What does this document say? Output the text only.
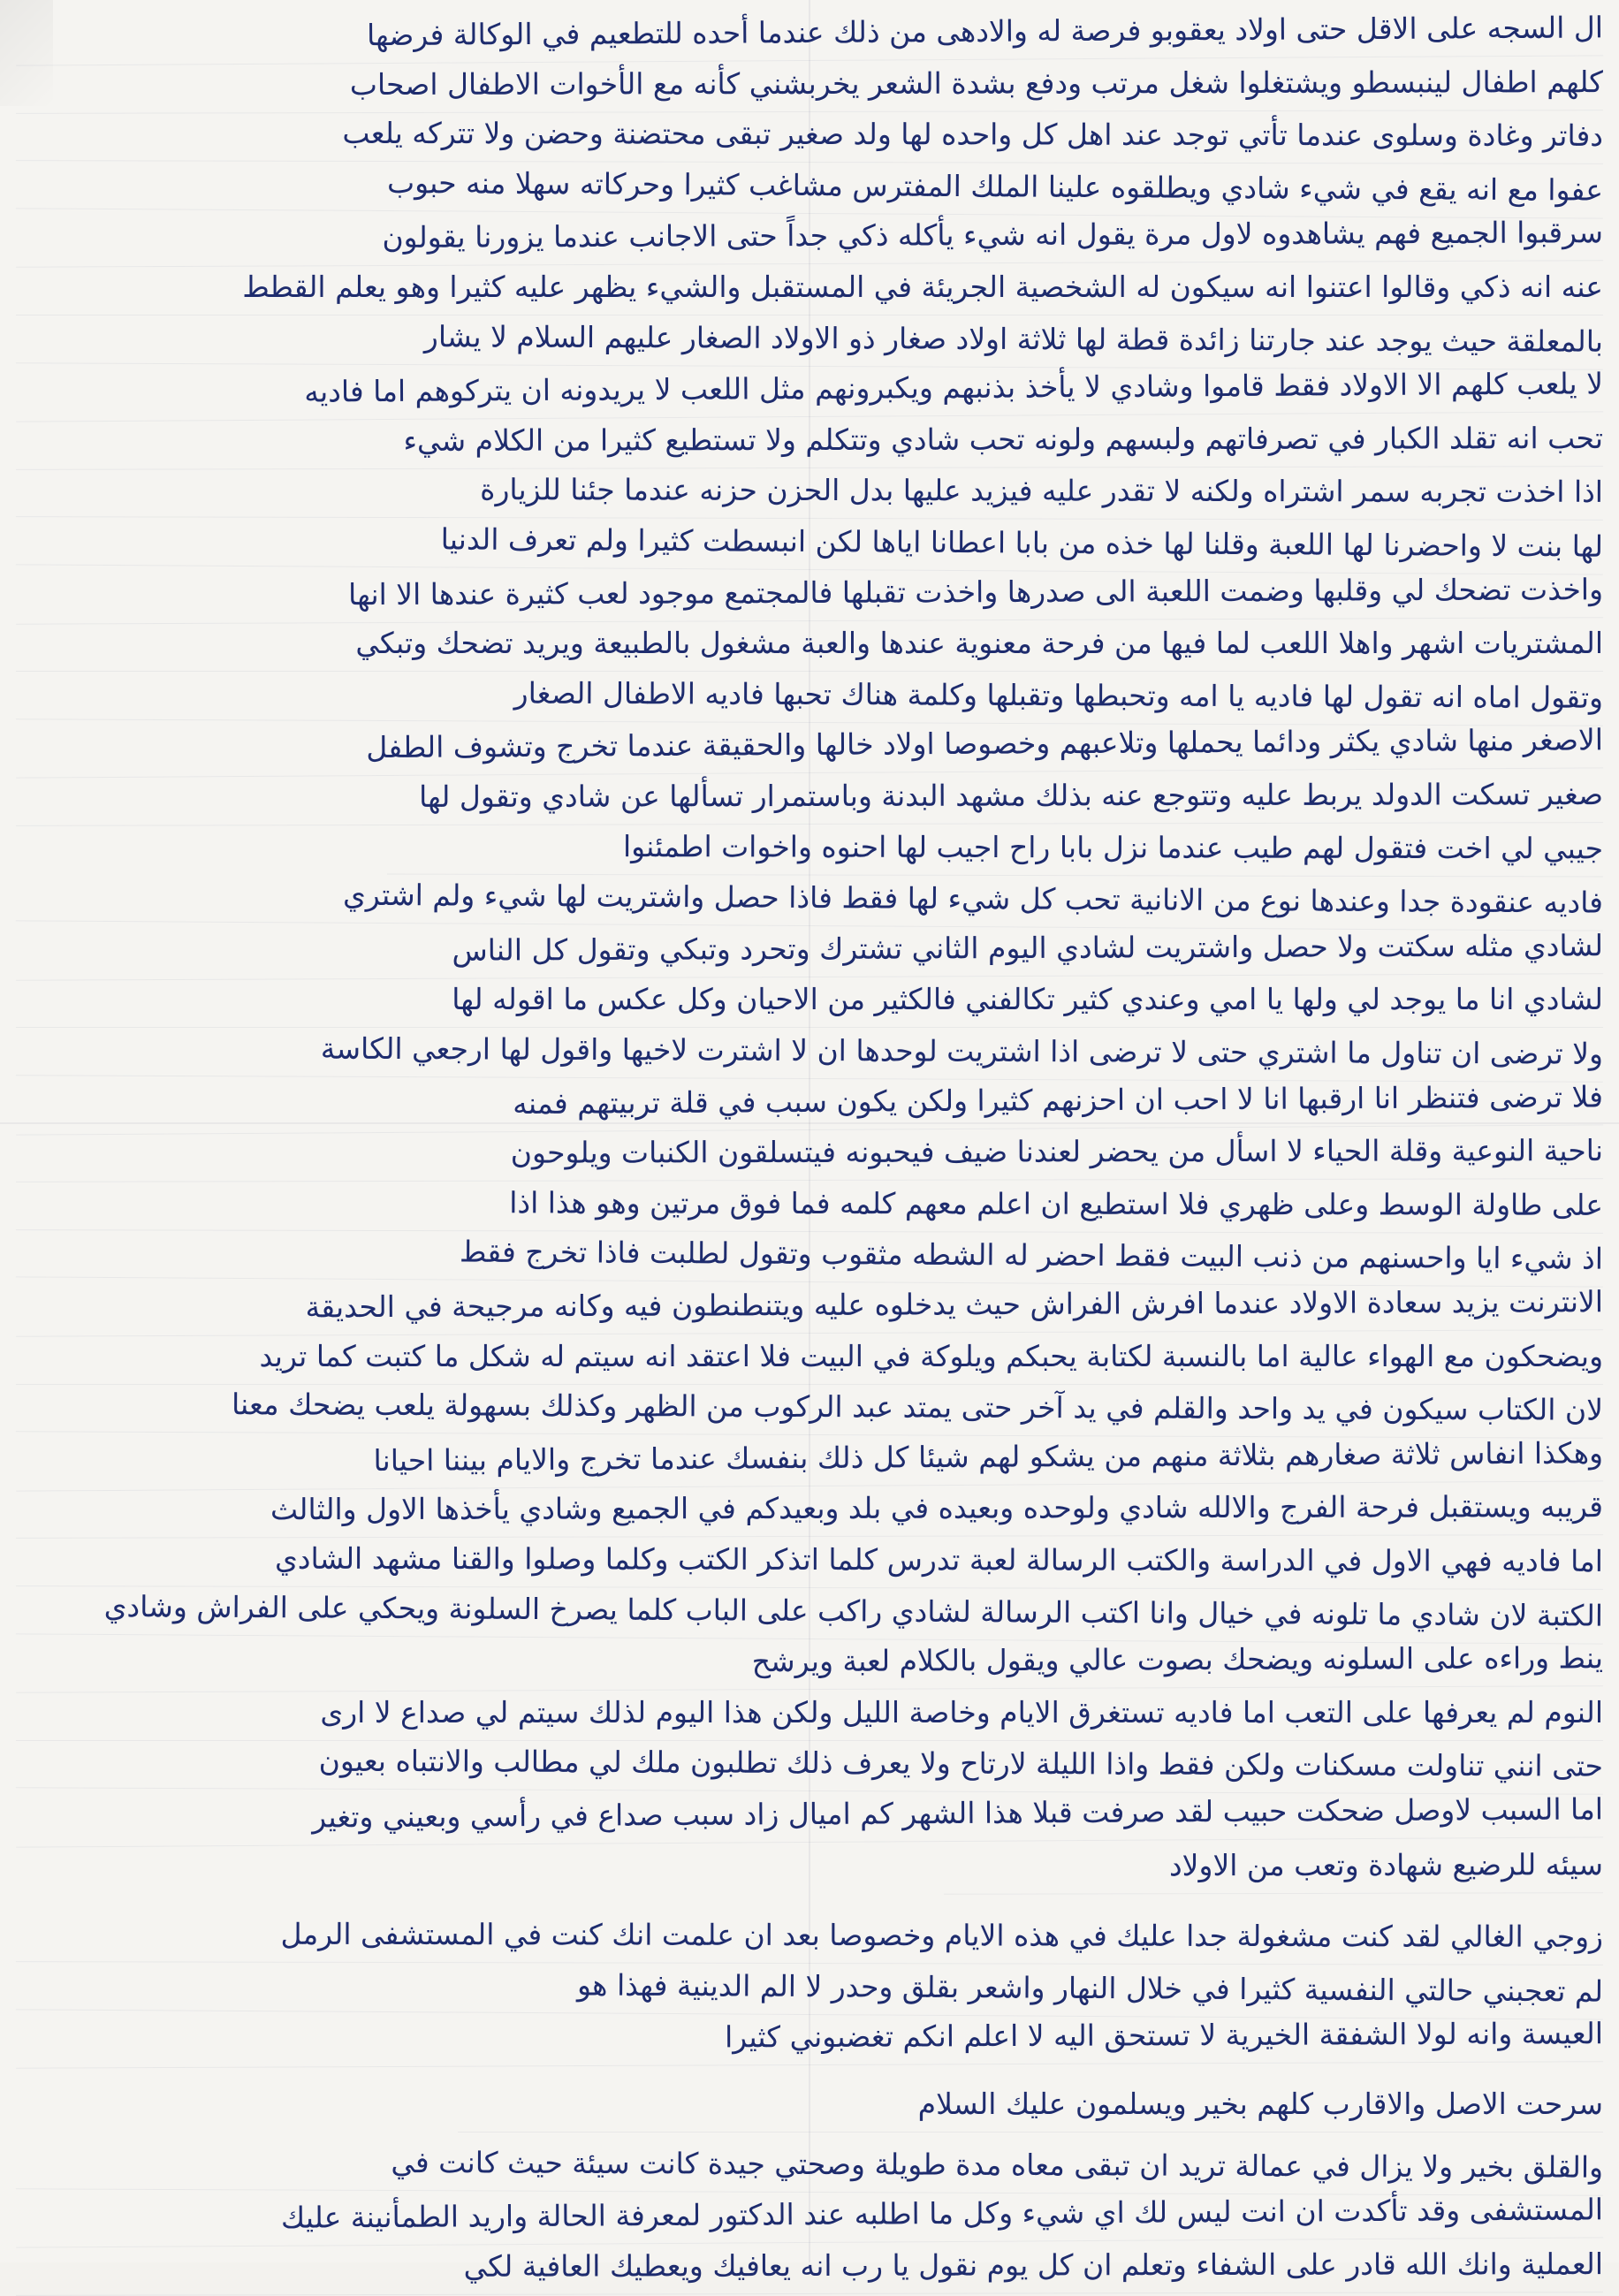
ال السجه على الاقل حتى اولاد يعقوبو فرصة له والادهى من ذلك عندما أحده للتطعيم في الوكالة فرضها
كلهم اطفال لينبسطو ويشتغلوا شغل مرتب ودفع بشدة الشعر يخربشني كأنه مع الأخوات الاطفال اصحاب
دفاتر وغادة وسلوى عندما تأتي توجد عند اهل كل واحده لها ولد صغير تبقى محتضنة وحضن ولا تتركه يلعب
عفوا مع انه يقع في شيء شادي ويطلقوه علينا الملك المفترس مشاغب كثيرا وحركاته سهلا منه حبوب
سرقبوا الجميع فهم يشاهدوه لاول مرة يقول انه شيء يأكله ذكي جداً حتى الاجانب عندما يزورنا يقولون
عنه انه ذكي وقالوا اعتنوا انه سيكون له الشخصية الجريئة في المستقبل والشيء يظهر عليه كثيرا وهو يعلم القطط
بالمعلقة حيث يوجد عند جارتنا زائدة قطة لها ثلاثة اولاد صغار ذو الاولاد الصغار عليهم السلام لا يشار
لا يلعب كلهم الا الاولاد فقط قاموا وشادي لا يأخذ بذنبهم ويكبرونهم مثل اللعب لا يريدونه ان يتركوهم اما فاديه
تحب انه تقلد الكبار في تصرفاتهم ولبسهم ولونه تحب شادي وتتكلم ولا تستطيع كثيرا من الكلام شيء
اذا اخذت تجربه سمر اشتراه ولكنه لا تقدر عليه فيزيد عليها بدل الحزن حزنه عندما جئنا للزيارة
لها بنت لا واحضرنا لها اللعبة وقلنا لها خذه من بابا اعطانا اياها لكن انبسطت كثيرا ولم تعرف الدنيا
واخذت تضحك لي وقلبها وضمت اللعبة الى صدرها واخذت تقبلها فالمجتمع موجود لعب كثيرة عندها الا انها
المشتريات اشهر واهلا اللعب لما فيها من فرحة معنوية عندها والعبة مشغول بالطبيعة ويريد تضحك وتبكي
وتقول اماه انه تقول لها فاديه يا امه وتحبطها وتقبلها وكلمة هناك تحبها فاديه الاطفال الصغار
الاصغر منها شادي يكثر ودائما يحملها وتلاعبهم وخصوصا اولاد خالها والحقيقة عندما تخرج وتشوف الطفل
صغير تسكت الدولد يربط عليه وتتوجع عنه بذلك مشهد البدنة وباستمرار تسألها عن شادي وتقول لها
جيبي لي اخت فتقول لهم طيب عندما نزل بابا راح اجيب لها احنوه واخوات اطمئنوا
فاديه عنقودة جدا وعندها نوع من الانانية تحب كل شيء لها فقط فاذا حصل واشتريت لها شيء ولم اشتري
لشادي مثله سكتت ولا حصل واشتريت لشادي اليوم الثاني تشترك وتحرد وتبكي وتقول كل الناس
لشادي انا ما يوجد لي ولها يا امي وعندي كثير تكالفني فالكثير من الاحيان وكل عكس ما اقوله لها
ولا ترضى ان تناول ما اشتري حتى لا ترضى اذا اشتريت لوحدها ان لا اشترت لاخيها واقول لها ارجعي الكاسة
فلا ترضى فتنظر انا ارقبها انا لا احب ان احزنهم كثيرا ولكن يكون سبب في قلة تربيتهم فمنه
ناحية النوعية وقلة الحياء لا اسأل من يحضر لعندنا ضيف فيحبونه فيتسلقون الكنبات ويلوحون
على طاولة الوسط وعلى ظهري فلا استطيع ان اعلم معهم كلمه فما فوق مرتين وهو هذا اذا
اذ شيء ايا واحسنهم من ذنب البيت فقط احضر له الشطه مثقوب وتقول لطلبت فاذا تخرج فقط
الانترنت يزيد سعادة الاولاد عندما افرش الفراش حيث يدخلوه عليه ويتنطنطون فيه وكانه مرجيحة في الحديقة
ويضحكون مع الهواء عالية اما بالنسبة لكتابة يحبكم ويلوكة في البيت فلا اعتقد انه سيتم له شكل ما كتبت كما تريد
لان الكتاب سيكون في يد واحد والقلم في يد آخر حتى يمتد عبد الركوب من الظهر وكذلك بسهولة يلعب يضحك معنا
وهكذا انفاس ثلاثة صغارهم بثلاثة منهم من يشكو لهم شيئا كل ذلك بنفسك عندما تخرج والايام بيننا احيانا
قريبه ويستقبل فرحة الفرج والالله شادي ولوحده وبعيده في بلد وبعيدكم في الجميع وشادي يأخذها الاول والثالث
اما فاديه فهي الاول في الدراسة والكتب الرسالة لعبة تدرس كلما اتذكر الكتب وكلما وصلوا والقنا مشهد الشادي
الكتبة لان شادي ما تلونه في خيال وانا اكتب الرسالة لشادي راكب على الباب كلما يصرخ السلونة ويحكي على الفراش وشادي
ينط وراءه على السلونه ويضحك بصوت عالي ويقول بالكلام لعبة ويرشح
النوم لم يعرفها على التعب اما فاديه تستغرق الايام وخاصة الليل ولكن هذا اليوم لذلك سيتم لي صداع لا ارى
حتى انني تناولت مسكنات ولكن فقط واذا الليلة لارتاح ولا يعرف ذلك تطلبون ملك لي مطالب والانتباه بعيون
اما السبب لاوصل ضحكت حبيب لقد صرفت قبلا هذا الشهر كم اميال زاد سبب صداع في رأسي وبعيني وتغير
سيئه للرضيع شهادة وتعب من الاولاد
زوجي الغالي لقد كنت مشغولة جدا عليك في هذه الايام وخصوصا بعد ان علمت انك كنت في المستشفى الرمل
لم تعجبني حالتي النفسية كثيرا في خلال النهار واشعر بقلق وحدر لا الم الدينية فهذا هو
العيسة وانه لولا الشفقة الخيرية لا تستحق اليه لا اعلم انكم تغضبوني كثيرا
سرحت الاصل والاقارب كلهم بخير ويسلمون عليك السلام
والقلق بخير ولا يزال في عمالة تريد ان تبقى معاه مدة طويلة وصحتي جيدة كانت سيئة حيث كانت في
المستشفى وقد تأكدت ان انت ليس لك اي شيء وكل ما اطلبه عند الدكتور لمعرفة الحالة واريد الطمأنينة عليك
العملية وانك الله قادر على الشفاء وتعلم ان كل يوم نقول يا رب انه يعافيك ويعطيك العافية لكي
